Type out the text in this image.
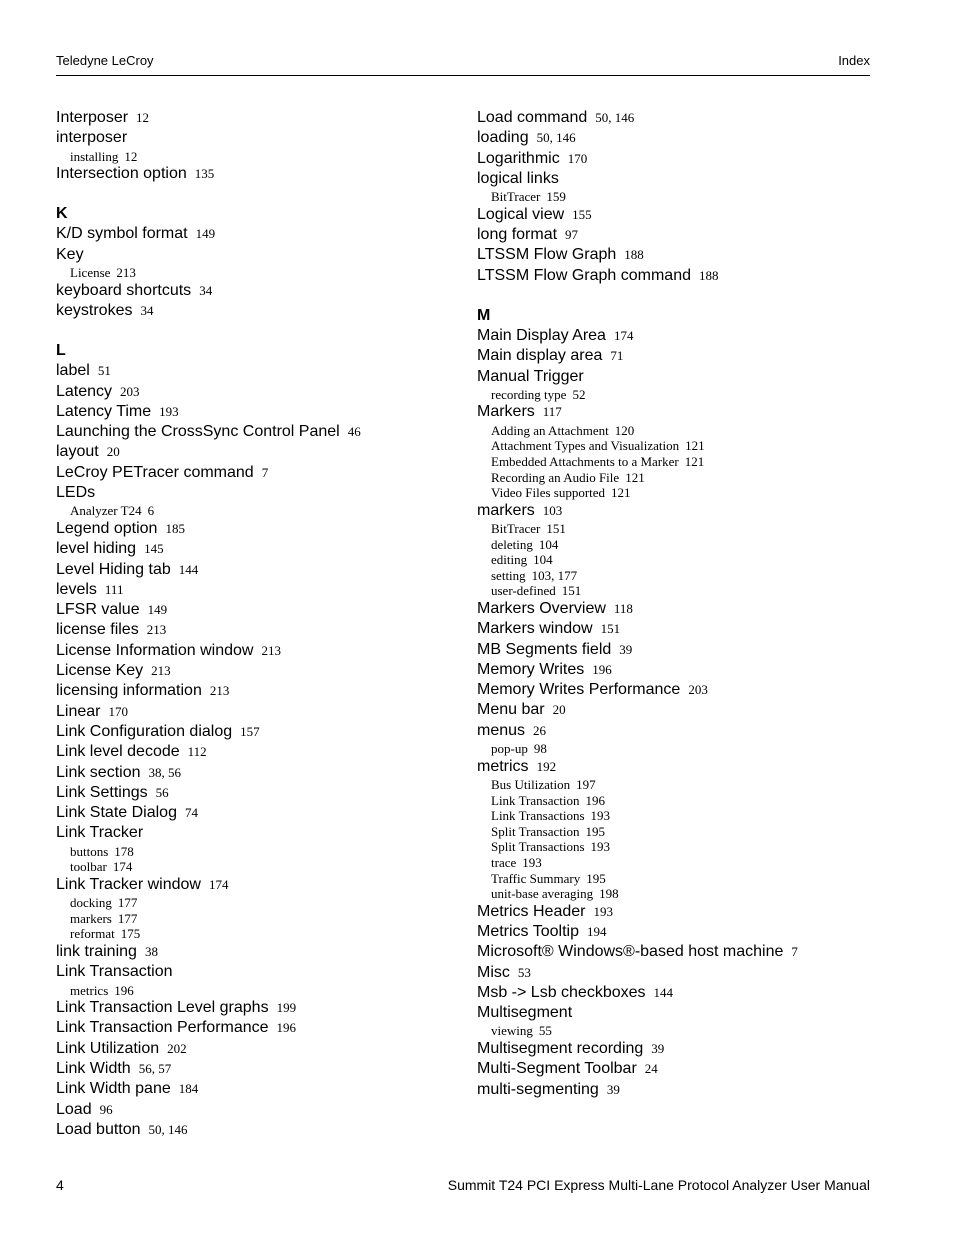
Teledyne LeCroy	Index
Interposer 12
interposer
installing 12
Intersection option 135
K
K/D symbol format 149
Key
License 213
keyboard shortcuts 34
keystrokes 34
L
label 51
Latency 203
Latency Time 193
Launching the CrossSync Control Panel 46
layout 20
LeCroy PETracer command 7
LEDs
Analyzer T24 6
Legend option 185
level hiding 145
Level Hiding tab 144
levels 111
LFSR value 149
license files 213
License Information window 213
License Key 213
licensing information 213
Linear 170
Link Configuration dialog 157
Link level decode 112
Link section 38, 56
Link Settings 56
Link State Dialog 74
Link Tracker
buttons 178
toolbar 174
Link Tracker window 174
docking 177
markers 177
reformat 175
link training 38
Link Transaction
metrics 196
Link Transaction Level graphs 199
Link Transaction Performance 196
Link Utilization 202
Link Width 56, 57
Link Width pane 184
Load 96
Load button 50, 146
Load command 50, 146
loading 50, 146
Logarithmic 170
logical links
BitTracer 159
Logical view 155
long format 97
LTSSM Flow Graph 188
LTSSM Flow Graph command 188
M
Main Display Area 174
Main display area 71
Manual Trigger
recording type 52
Markers 117
Adding an Attachment 120
Attachment Types and Visualization 121
Embedded Attachments to a Marker 121
Recording an Audio File 121
Video Files supported 121
markers 103
BitTracer 151
deleting 104
editing 104
setting 103, 177
user-defined 151
Markers Overview 118
Markers window 151
MB Segments field 39
Memory Writes 196
Memory Writes Performance 203
Menu bar 20
menus 26
pop-up 98
metrics 192
Bus Utilization 197
Link Transaction 196
Link Transactions 193
Split Transaction 195
Split Transactions 193
trace 193
Traffic Summary 195
unit-base averaging 198
Metrics Header 193
Metrics Tooltip 194
Microsoft® Windows®-based host machine 7
Misc 53
Msb -> Lsb checkboxes 144
Multisegment
viewing 55
Multisegment recording 39
Multi-Segment Toolbar 24
multi-segmenting 39
4	Summit T24 PCI Express Multi-Lane Protocol Analyzer User Manual
